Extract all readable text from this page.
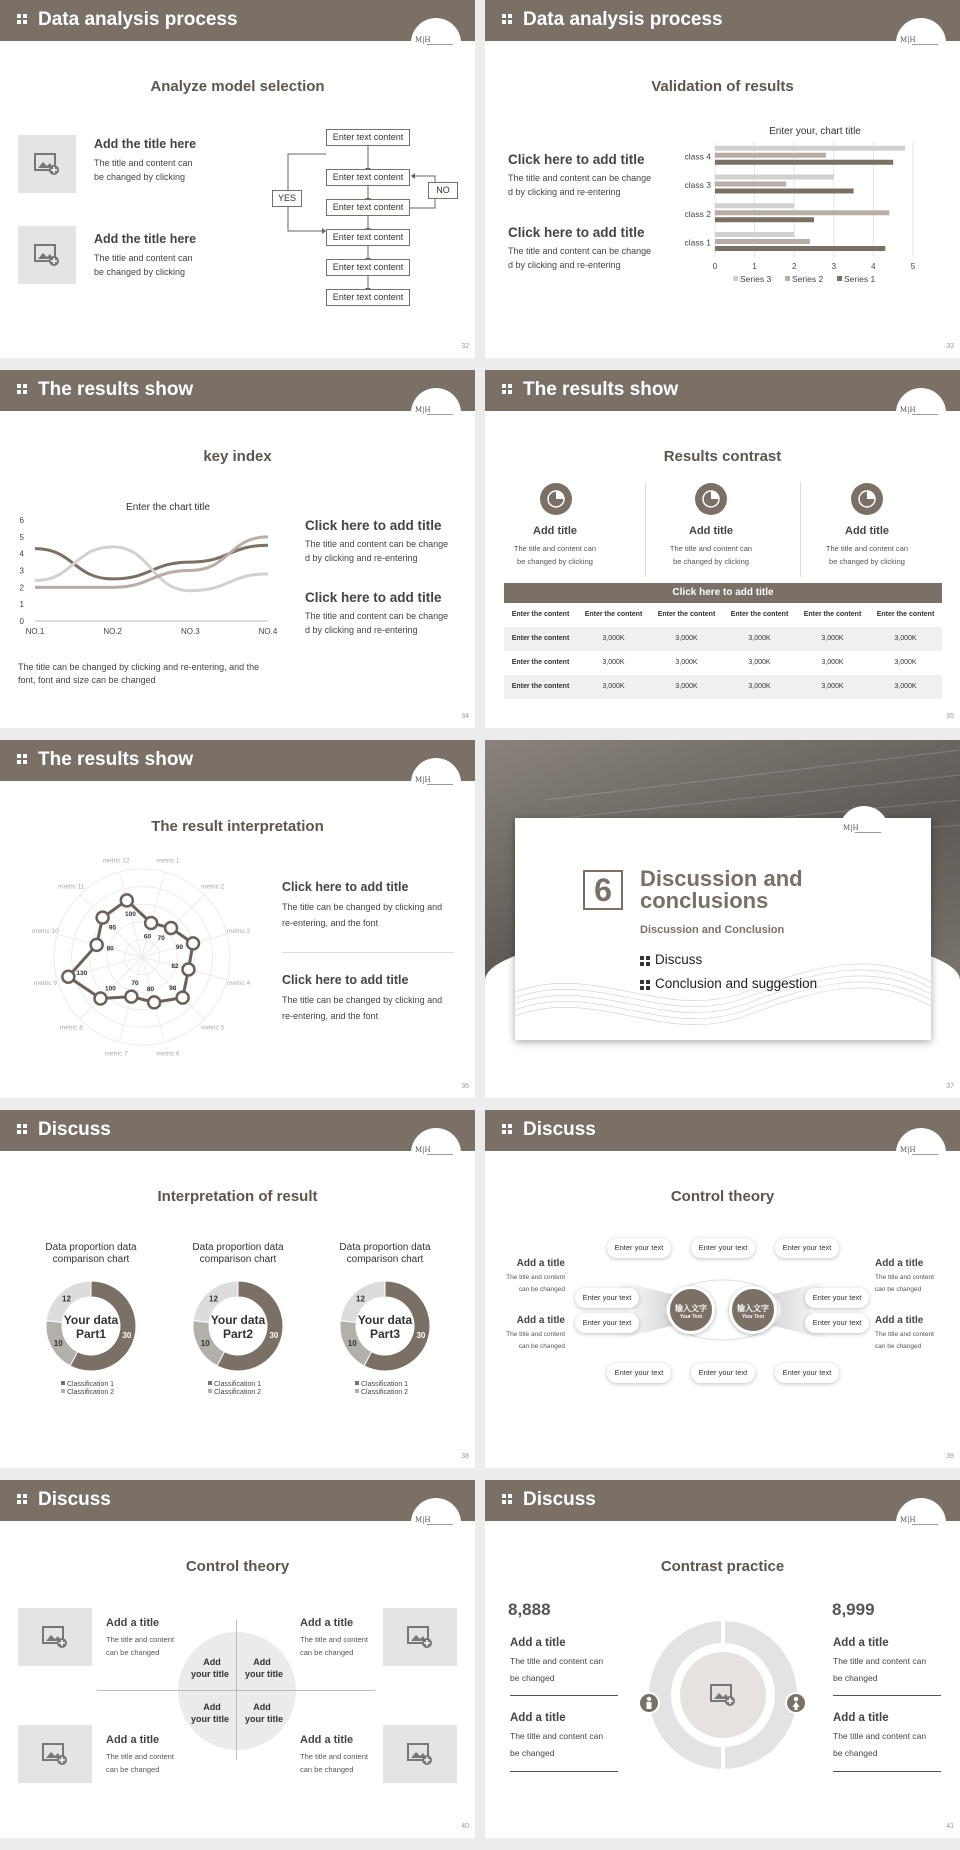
Data analysis process
M|H
Analyze model selection
Add the title here
The title and content can
be changed by clicking
Add the title here
The title and content can
be changed by clicking
Enter text content
Enter text content
Enter text content
Enter text content
Enter text content
Enter text content
YES
NO
32
Data analysis process
M|H
Validation of results
Click here to add title
The title and content can be change
d by clicking and re-entering
Click here to add title
The title and content can be change
d by clicking and re-entering
Enter your, chart title
0	1	2	3	4	5
class 1
class 2
class 3
class 4
Series 3 Series 2 Series 1
33
The results show
M|H
key index
Enter the chart title
0
1
2
3
4
5
6
NO.1	NO.2	NO.3	NO.4
Click here to add title
The title and content can be change
d by clicking and re-entering
Click here to add title
The title and content can be change
d by clicking and re-entering
The title can be changed by clicking and re-entering, and the
font, font and size can be changed
34
The results show
M|H
Results contrast
Add title
The title and content can
be changed by clicking
Add title
The title and content can
be changed by clicking
Add title
The title and content can
be changed by clicking
Click here to add title
Enter the content	Enter the content	Enter the content	Enter the content	Enter the content	Enter the content
Enter the content	3,000K	3,000K	3,000K	3,000K	3,000K
Enter the content	3,000K	3,000K	3,000K	3,000K	3,000K
Enter the content	3,000K	3,000K	3,000K	3,000K	3,000K
35
The results show
M|H
The result interpretation
metric 1
metric 2
metric 3
metric 4
metric 5
metric 6
metric 7
metric 8
metric 9
metric 10
metric 11
metric 12
60 70
90
82
98
80
70
100
130
80
95
100
Click here to add title
The title can be changed by clicking and
re-entering, and the font
Click here to add title
The title can be changed by clicking and
re-entering, and the font
36
M|H
6	Discussion and
conclusions
Discussion and Conclusion
Discuss
Conclusion and suggestion
37
Discuss
M|H
Interpretation of result
Data proportion data
comparison chart
30
10
12
Your data
Part1
Classification 1
Classification 2
Data proportion data
comparison chart
30
10
12
Your data
Part2
Classification 1
Classification 2
Data proportion data
comparison chart
30
10
12
Your data
Part3
Classification 1
Classification 2
38
Discuss
M|H
Control theory
Add a title
The title and content
can be changed
Add a title
The title and content
can be changed
Add a title
The title and content
can be changed
Add a title
The title and content
can be changed
输入文字
Your Text
输入文字
Your Text
Enter your text	Enter your text	Enter your text
Enter your text
Enter your text
Enter your text
Enter your text
Enter your text	Enter your text	Enter your text
39
Discuss
M|H
Control theory
Add a title
The title and content
can be changed
Add a title
The title and content
can be changed
Add a title
The title and content
can be changed
Add a title
The title and content
can be changed
Add
your title
Add
your title
Add
your title
Add
your title
40
Discuss
M|H
Contrast practice
8,888	8,999
Add a title
The title and content can
be changed
Add a title
The title and content can
be changed
Add a title
The title and content can
be changed
Add a title
The title and content can
be changed
41
